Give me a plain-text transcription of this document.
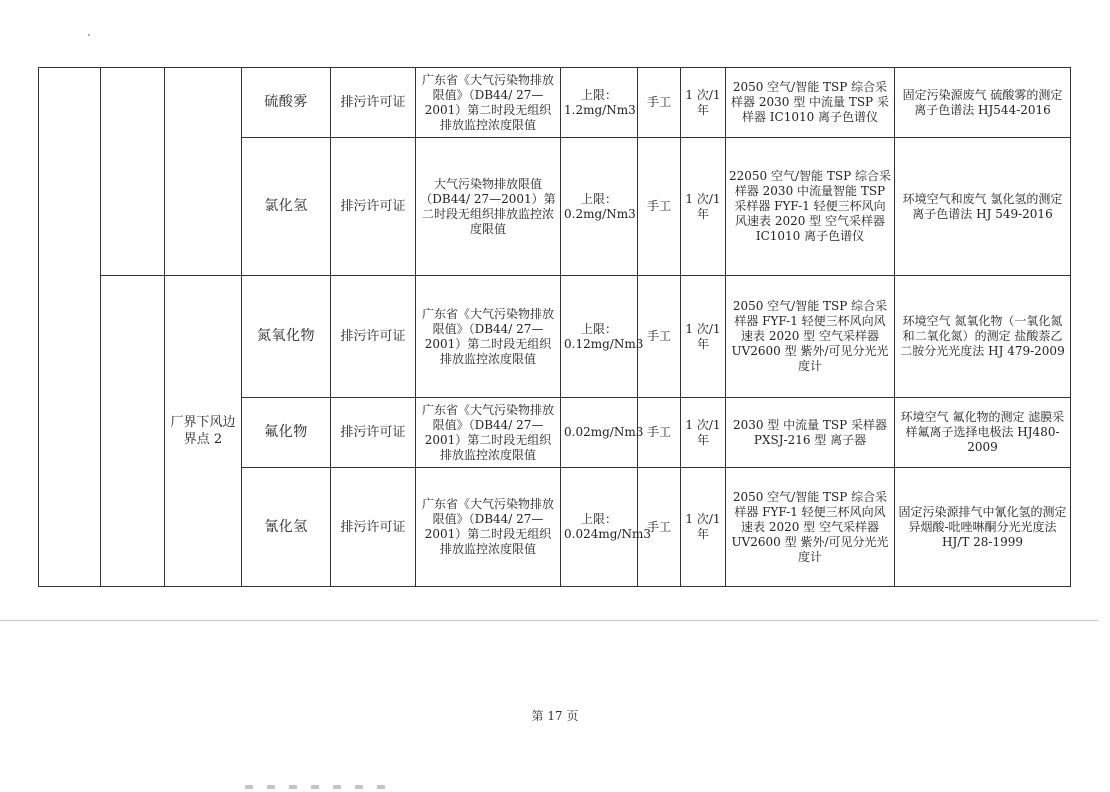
			硫酸雾	排污许可证	广东省《大气污染物排放限值》（DB44/ 27—2001）第二时段无组织排放监控浓度限值	上限：1.2mg/Nm3	手工	1 次/1年	2050 空气/智能 TSP 综合采样器 2030 型 中流量 TSP 采样器 IC1010 离子色谱仪	固定污染源废气 硫酸雾的测定 离子色谱法 HJ544-2016
			氯化氢	排污许可证	大气污染物排放限值（DB44/ 27—2001）第二时段无组织排放监控浓度限值	上限：0.2mg/Nm3	手工	1 次/1年	22050 空气/智能 TSP 综合采样器 2030 中流量智能 TSP 采样器 FYF-1 轻便三杯风向风速表 2020 型 空气采样器 IC1010 离子色谱仪	环境空气和废气 氯化氢的测定 离子色谱法 HJ 549-2016
		厂界下风边界点 2	氮氧化物	排污许可证	广东省《大气污染物排放限值》（DB44/ 27—2001）第二时段无组织排放监控浓度限值	上限：0.12mg/Nm3	手工	1 次/1年	2050 空气/智能 TSP 综合采样器 FYF-1 轻便三杯风向风速表 2020 型 空气采样器 UV2600 型 紫外/可见分光光度计	环境空气 氮氧化物（一氧化氮和二氧化氮）的测定 盐酸萘乙二胺分光光度法 HJ 479-2009
			氟化物	排污许可证	广东省《大气污染物排放限值》（DB44/ 27—2001）第二时段无组织排放监控浓度限值	0.02mg/Nm3	手工	1 次/1年	2030 型 中流量 TSP 采样器 PXSJ-216 型 离子器	环境空气 氟化物的测定 滤膜采样氟离子选择电极法 HJ480-2009
			氰化氢	排污许可证	广东省《大气污染物排放限值》（DB44/ 27—2001）第二时段无组织排放监控浓度限值	上限：0.024mg/Nm3	手工	1 次/1年	2050 空气/智能 TSP 综合采样器 FYF-1 轻便三杯风向风速表 2020 型 空气采样器 UV2600 型 紫外/可见分光光度计	固定污染源排气中氰化氢的测定 异烟酸-吡唑啉酮分光光度法 HJ/T 28-1999
第 17 页
